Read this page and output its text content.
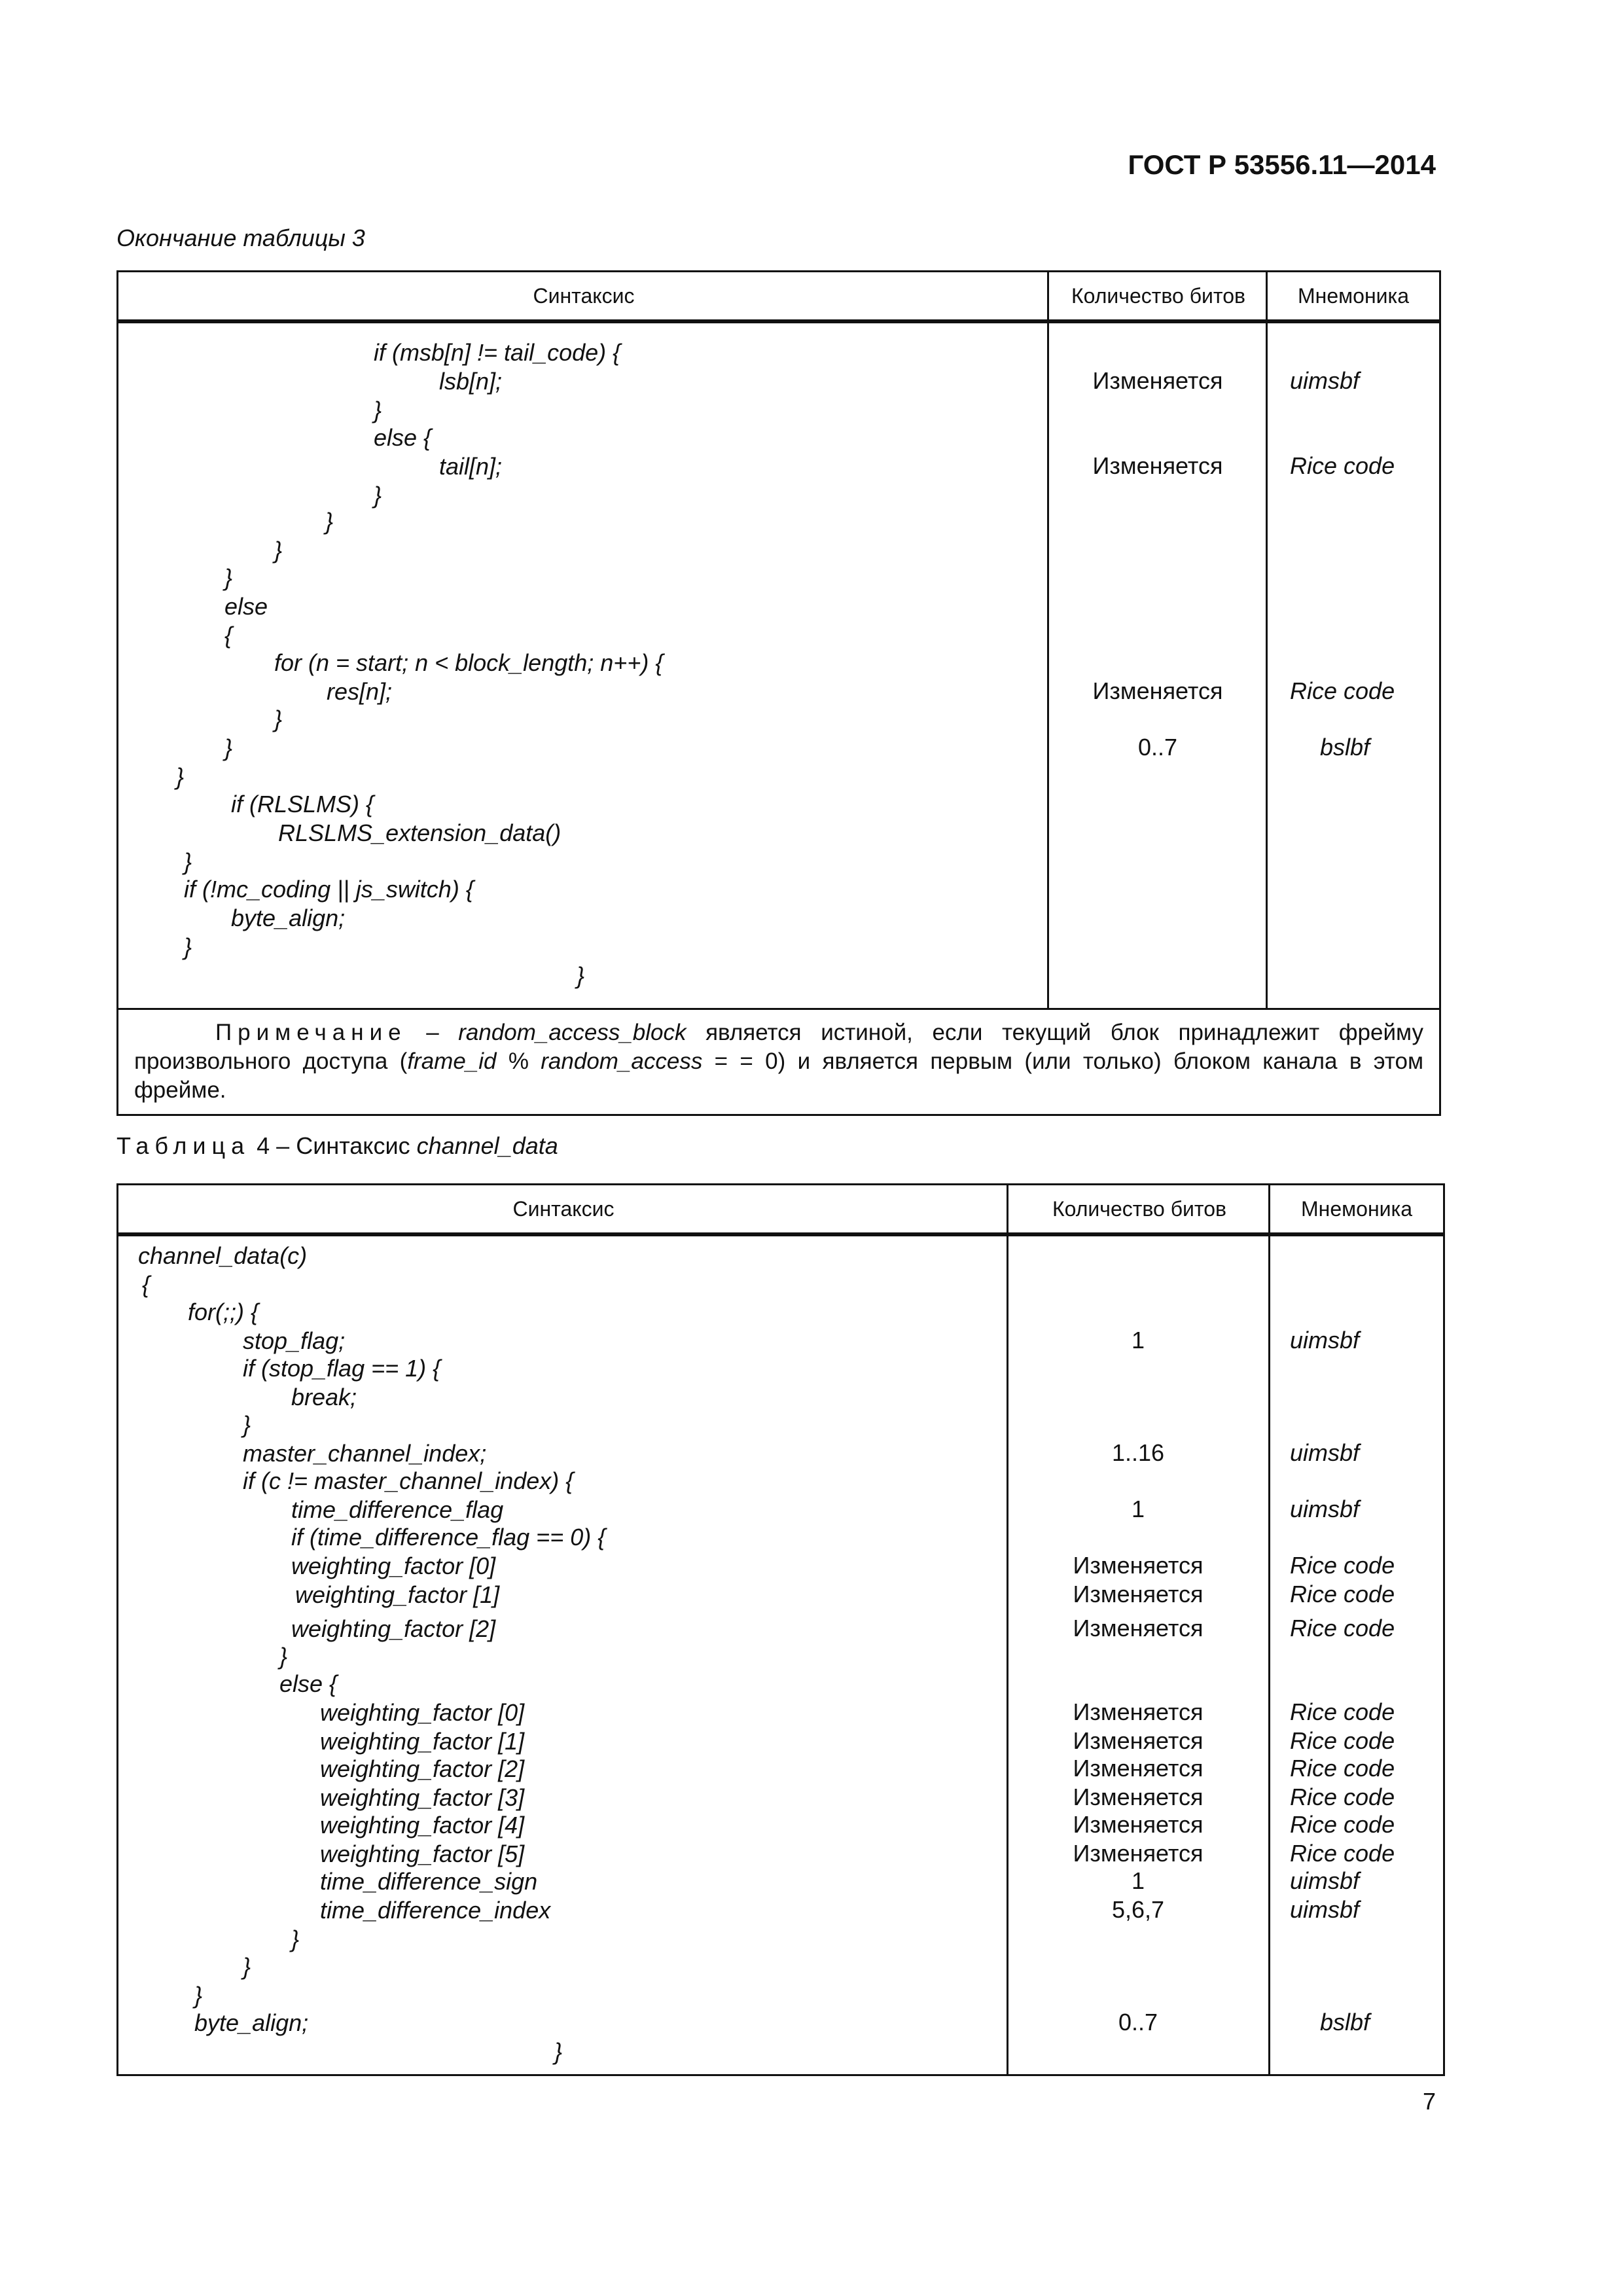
ГОСТ Р 53556.11—2014
Окончание таблицы 3
Синтаксис	Количество битов	Мнемоника
if (msb[n] != tail_code) {
lsb[n];	Изменяется	uimsbf
}
else {
tail[n];	Изменяется	Rice code
}
}
}
}
else
{
for (n = start; n < block_length; n++) {
res[n];	Изменяется	Rice code
}
}	0..7	bslbf
}
if (RLSLMS) {
RLSLMS_extension_data()
}
if (!mc_coding || js_switch) {
byte_align;
}
}
Примечание – random_access_block является истиной, если текущий блок принадлежит фрейму произвольного доступа (frame_id % random_access = = 0) и является первым (или только) блоком канала в этом фрейме.
Таблица 4 – Синтаксис channel_data
Синтаксис	Количество битов	Мнемоника
channel_data(c)
{
for(;;) {
stop_flag;	1	uimsbf
if (stop_flag == 1) {
break;
}
master_channel_index;	1..16	uimsbf
if (c != master_channel_index) {
time_difference_flag	1	uimsbf
if (time_difference_flag == 0) {
weighting_factor [0]	Изменяется	Rice code
weighting_factor [1]	Изменяется	Rice code
weighting_factor [2]	Изменяется	Rice code
}
else {
weighting_factor [0]	Изменяется	Rice code
weighting_factor [1]	Изменяется	Rice code
weighting_factor [2]	Изменяется	Rice code
weighting_factor [3]	Изменяется	Rice code
weighting_factor [4]	Изменяется	Rice code
weighting_factor [5]	Изменяется	Rice code
time_difference_sign	1	uimsbf
time_difference_index	5,6,7	uimsbf
}
}
}
byte_align;	0..7	bslbf
}
7
